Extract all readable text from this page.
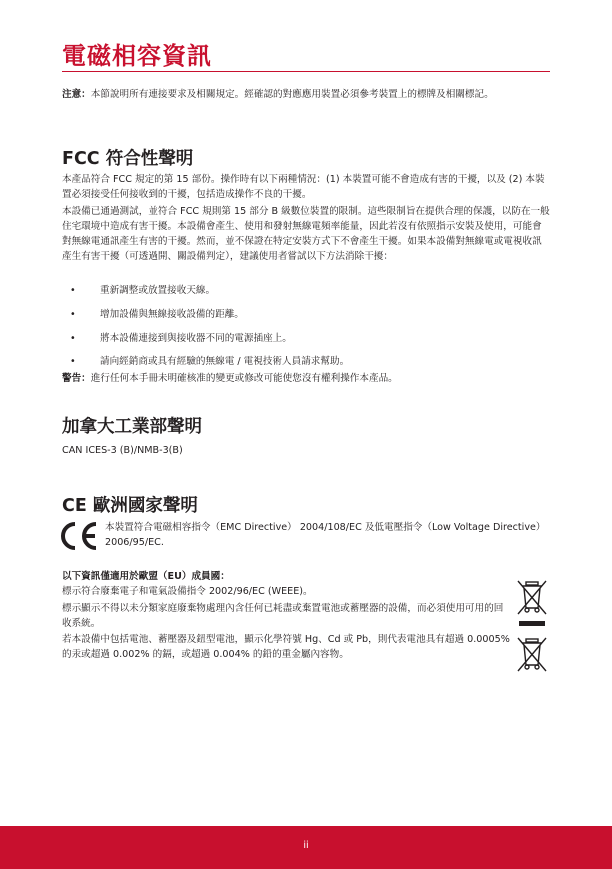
電磁相容資訊

注意：本節說明所有連接要求及相關規定。經確認的對應應用裝置必須參考裝置上的標牌及相關標記。

FCC 符合性聲明

本產品符合 FCC 規定的第 15 部份。操作時有以下兩種情況：(1) 本裝置可能不會造成有害的干擾，以及 (2) 本裝置必須接受任何接收到的干擾，包括造成操作不良的干擾。

本設備已通過測試，並符合 FCC 規則第 15 部分 B 級數位裝置的限制。這些限制旨在提供合理的保護，以防在一般住宅環境中造成有害干擾。本設備會產生、使用和發射無線電頻率能量，因此若沒有依照指示安裝及使用，可能會對無線電通訊產生有害的干擾。然而，並不保證在特定安裝方式下不會產生干擾。如果本設備對無線電或電視收訊產生有害干擾（可透過開、關設備判定），建議使用者嘗試以下方法消除干擾：

•	重新調整或放置接收天線。
•	增加設備與無線接收設備的距離。
•	將本設備連接到與接收器不同的電源插座上。
•	請向經銷商或具有經驗的無線電 / 電視技術人員請求幫助。

警告：進行任何本手冊未明確核准的變更或修改可能使您沒有權利操作本產品。

加拿大工業部聲明

CAN ICES-3 (B)/NMB-3(B)

CE 歐洲國家聲明
本裝置符合電磁相容指令（EMC Directive） 2004/108/EC 及低電壓指令（Low Voltage Directive） 2006/95/EC.

以下資訊僅適用於歐盟（EU）成員國：

標示符合廢棄電子和電氣設備指令 2002/96/EC (WEEE)。
標示顯示不得以未分類家庭廢棄物處理內含任何已耗盡或棄置電池或蓄壓器的設備，而必須使用可用的回收系統。
若本設備中包括電池、蓄壓器及鈕型電池，顯示化學符號 Hg、Cd 或 Pb，則代表電池具有超過 0.0005% 的汞或超過 0.002% 的鎘，或超過 0.004% 的鉛的重金屬內容物。
ii
